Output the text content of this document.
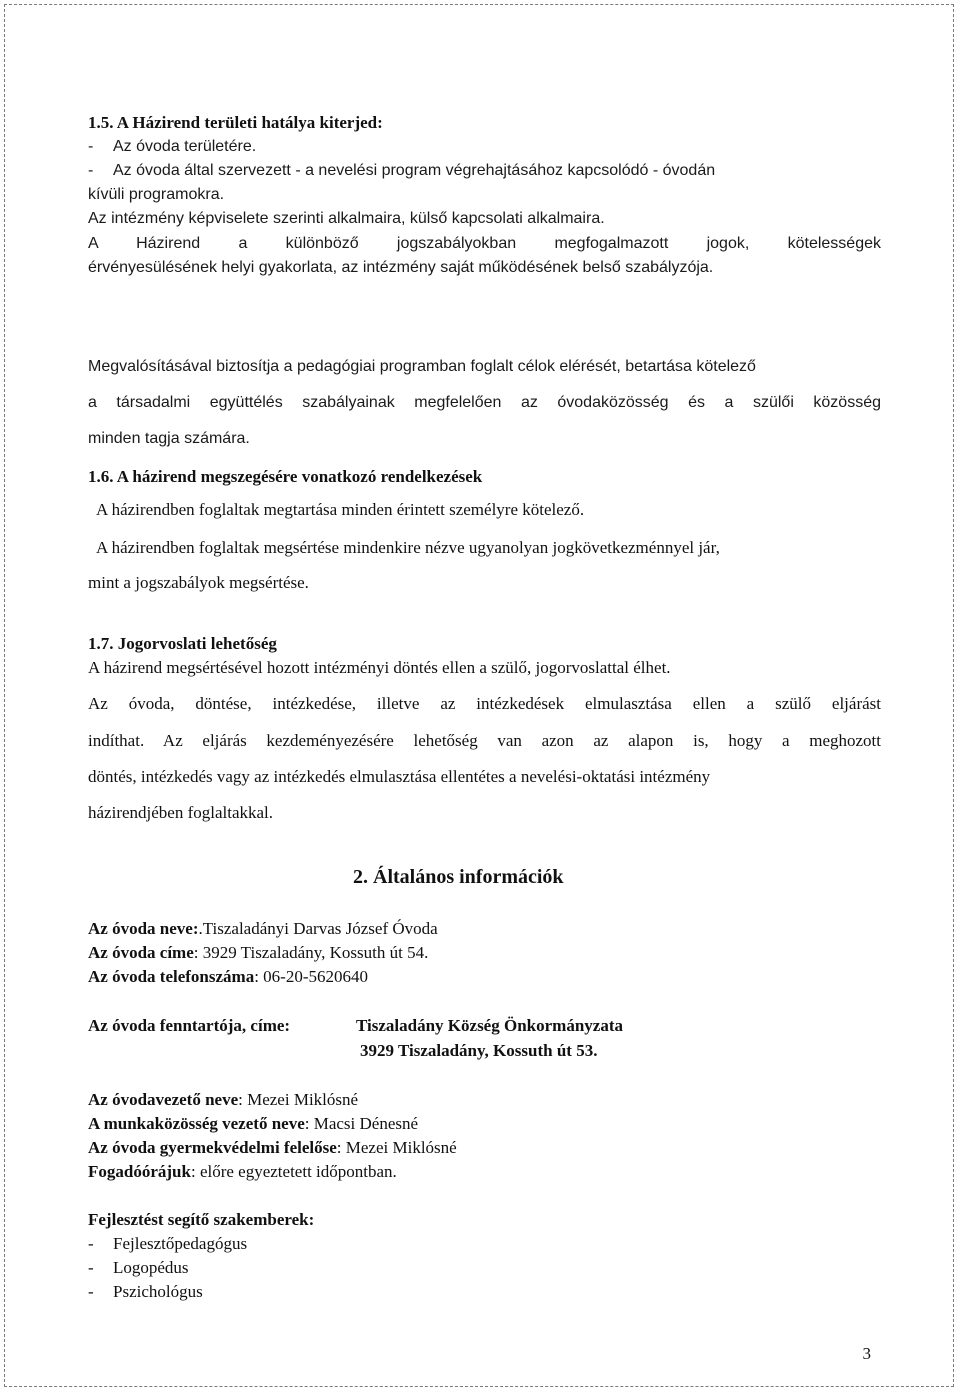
1.5. A Házirend területi hatálya kiterjed:
- Az óvoda területére.
- Az óvoda által szervezett - a nevelési program végrehajtásához kapcsolódó - óvodán
kívüli programokra.
Az intézmény képviselete szerinti alkalmaira, külső kapcsolati alkalmaira.
A Házirend a különböző jogszabályokban megfogalmazott jogok, kötelességek
érvényesülésének helyi gyakorlata, az intézmény saját működésének belső szabályzója.
Megvalósításával biztosítja a pedagógiai programban foglalt célok elérését, betartása kötelező
a társadalmi együttélés szabályainak megfelelően az óvodaközösség és a szülői közösség
minden tagja számára.
1.6. A házirend megszegésére vonatkozó rendelkezések
A házirendben foglaltak megtartása minden érintett személyre kötelező.
A házirendben foglaltak megsértése mindenkire nézve ugyanolyan jogkövetkezménnyel jár,
mint a jogszabályok megsértése.
1.7. Jogorvoslati lehetőség
A házirend megsértésével hozott intézményi döntés ellen a szülő, jogorvoslattal élhet.
Az óvoda, döntése, intézkedése, illetve az intézkedések elmulasztása ellen a szülő eljárást
indíthat. Az eljárás kezdeményezésére lehetőség van azon az alapon is, hogy a meghozott
döntés, intézkedés vagy az intézkedés elmulasztása ellentétes a nevelési-oktatási intézmény
házirendjében foglaltakkal.
2. Általános információk
Az óvoda neve:.Tiszaladányi Darvas József Óvoda
Az óvoda címe: 3929 Tiszaladány, Kossuth út 54.
Az óvoda telefonszáma: 06-20-5620640
Az óvoda fenntartója, címe:	Tiszaladány Község Önkormányzata
3929 Tiszaladány, Kossuth út 53.
Az óvodavezető neve: Mezei Miklósné
A munkaközösség vezető neve: Macsi Dénesné
Az óvoda gyermekvédelmi felelőse: Mezei Miklósné
Fogadóórájuk: előre egyeztetett időpontban.
Fejlesztést segítő szakemberek:
- Fejlesztőpedagógus
- Logopédus
- Pszichológus
3
